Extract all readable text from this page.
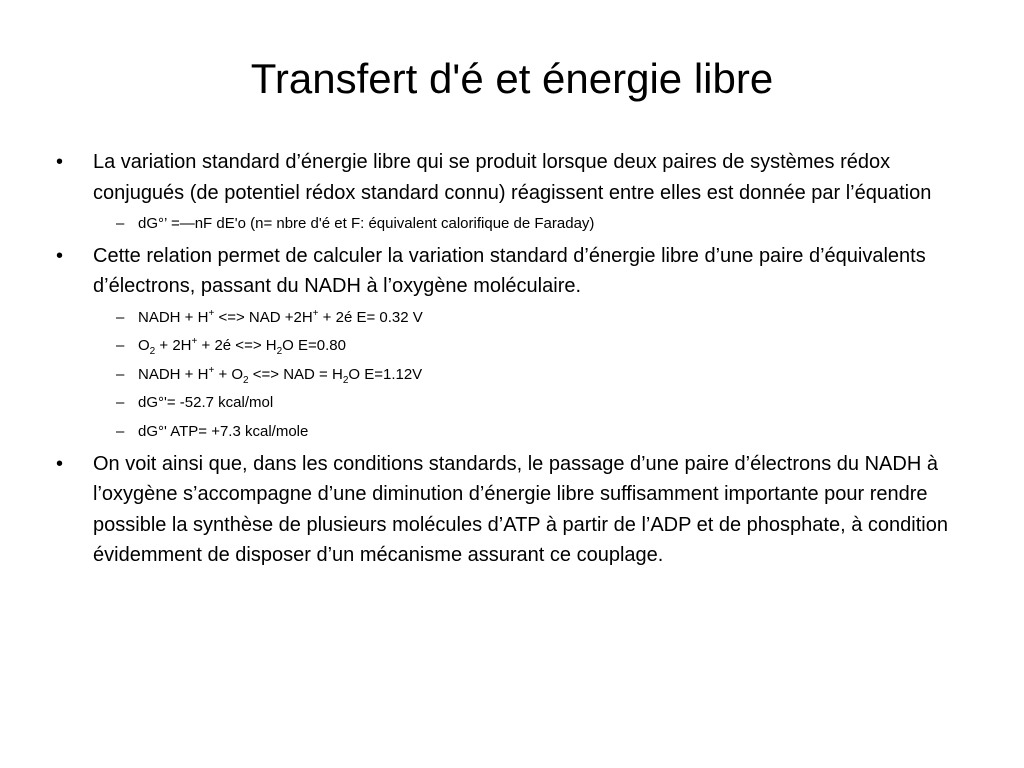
Transfert d'é et énergie libre
•	La variation standard d’énergie libre qui se produit lorsque deux paires de systèmes rédox conjugués (de potentiel rédox standard connu) réagissent entre elles est donnée par l’équation
– dG°’ =—nF dE'o (n= nbre d'é et F: équivalent calorifique de Faraday)
•	Cette relation permet de calculer la variation standard d’énergie libre d’une paire d’équivalents d’électrons, passant du NADH à l’oxygène moléculaire.
– NADH + H+ <=> NAD +2H+ + 2é E= 0.32 V
– $O_2 + 2H^+$ + 2é <=> $H_2O$ E=0.80
– NADH + $H^+ + O_2$ <=> NAD = $H_2O$ E=1.12V
– dG°'= -52.7 kcal/mol
– dG°' ATP= +7.3 kcal/mole
•	On voit ainsi que, dans les conditions standards, le passage d’une paire d’électrons du NADH à l’oxygène s’accompagne d’une diminution d’énergie libre suffisamment importante pour rendre possible la synthèse de plusieurs molécules d’ATP à partir de l’ADP et de phosphate, à condition évidemment de disposer d’un mécanisme assurant ce couplage.
